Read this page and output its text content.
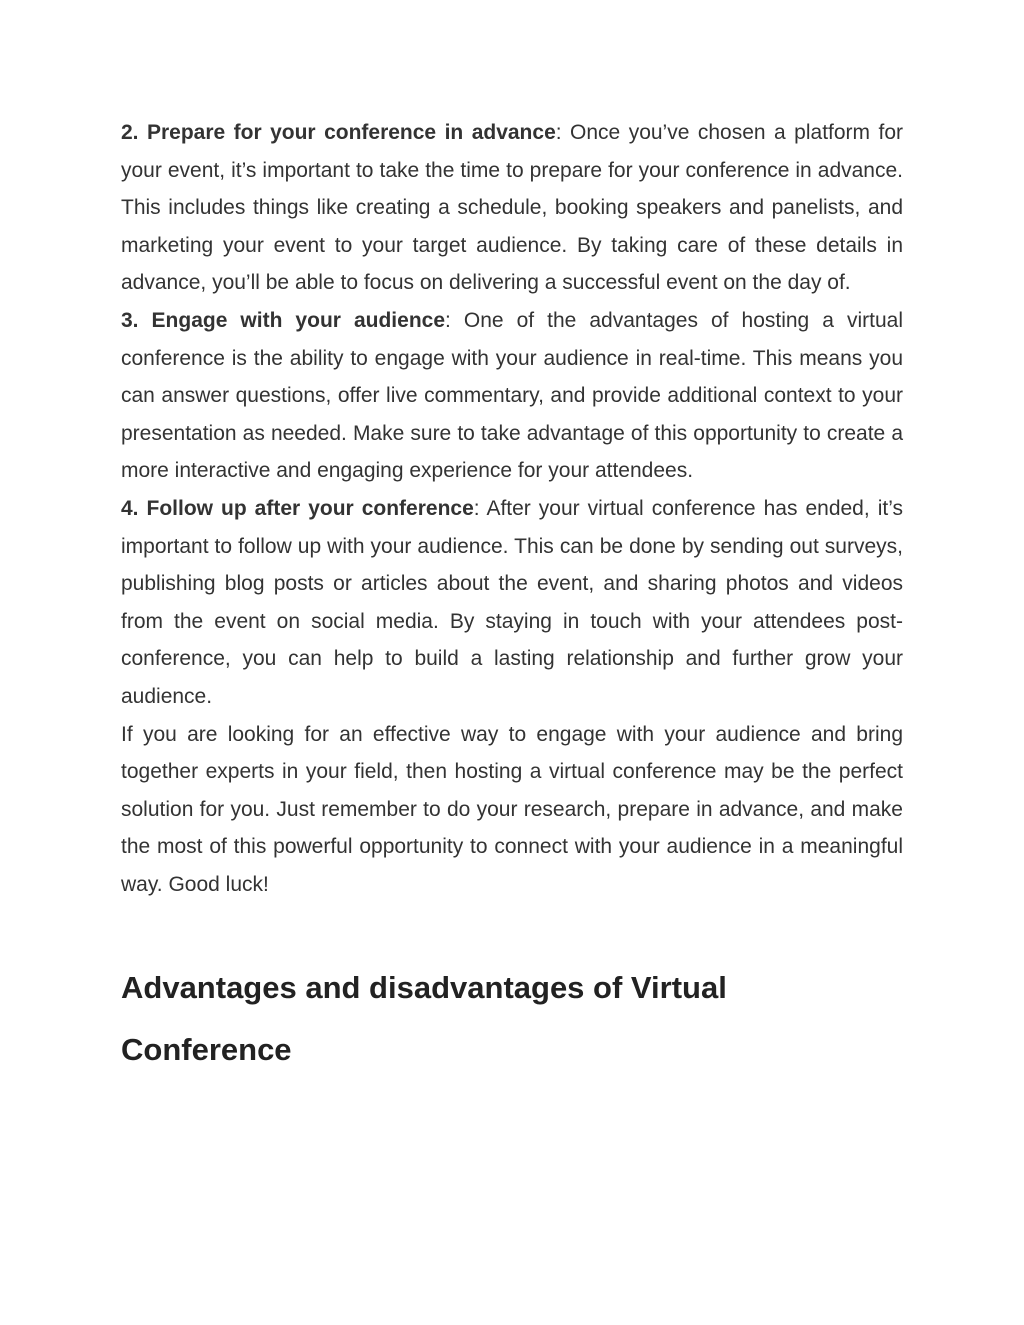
2. Prepare for your conference in advance: Once you’ve chosen a platform for your event, it’s important to take the time to prepare for your conference in advance. This includes things like creating a schedule, booking speakers and panelists, and marketing your event to your target audience. By taking care of these details in advance, you’ll be able to focus on delivering a successful event on the day of.

3. Engage with your audience: One of the advantages of hosting a virtual conference is the ability to engage with your audience in real-time. This means you can answer questions, offer live commentary, and provide additional context to your presentation as needed. Make sure to take advantage of this opportunity to create a more interactive and engaging experience for your attendees.

4. Follow up after your conference: After your virtual conference has ended, it’s important to follow up with your audience. This can be done by sending out surveys, publishing blog posts or articles about the event, and sharing photos and videos from the event on social media. By staying in touch with your attendees post-conference, you can help to build a lasting relationship and further grow your audience.

If you are looking for an effective way to engage with your audience and bring together experts in your field, then hosting a virtual conference may be the perfect solution for you. Just remember to do your research, prepare in advance, and make the most of this powerful opportunity to connect with your audience in a meaningful way. Good luck!

Advantages and disadvantages of Virtual Conference
